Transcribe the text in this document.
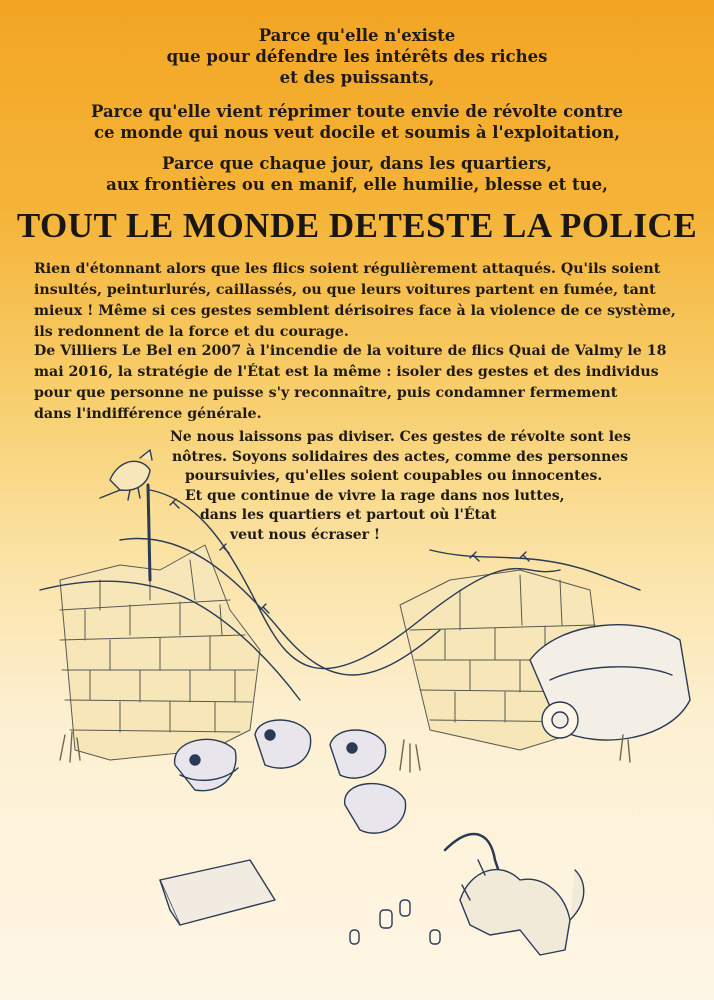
Parce qu'elle n'existe
que pour défendre les intérêts des riches
et des puissants,
Parce qu'elle vient réprimer toute envie de révolte contre
ce monde qui nous veut docile et soumis à l'exploitation,
Parce que chaque jour, dans les quartiers,
aux frontières ou en manif, elle humilie, blesse et tue,
TOUT LE MONDE DETESTE LA POLICE
Rien d'étonnant alors que les flics soient régulièrement attaqués. Qu'ils soient
insultés, peinturlurés, caillassés, ou que leurs voitures partent en fumée, tant
mieux ! Même si ces gestes semblent dérisoires face à la violence de ce système,
ils redonnent de la force et du courage.
De Villiers Le Bel en 2007 à l'incendie de la voiture de flics Quai de Valmy le 18
mai 2016, la stratégie de l'État est la même : isoler des gestes et des individus
pour que personne ne puisse s'y reconnaître, puis condamner fermement
dans l'indifférence générale.
Ne nous laissons pas diviser. Ces gestes de révolte sont les
nôtres. Soyons solidaires des actes, comme des personnes
poursuivies, qu'elles soient coupables ou innocentes.
Et que continue de vivre la rage dans nos luttes,
dans les quartiers et partout où l'État
veut nous écraser !
